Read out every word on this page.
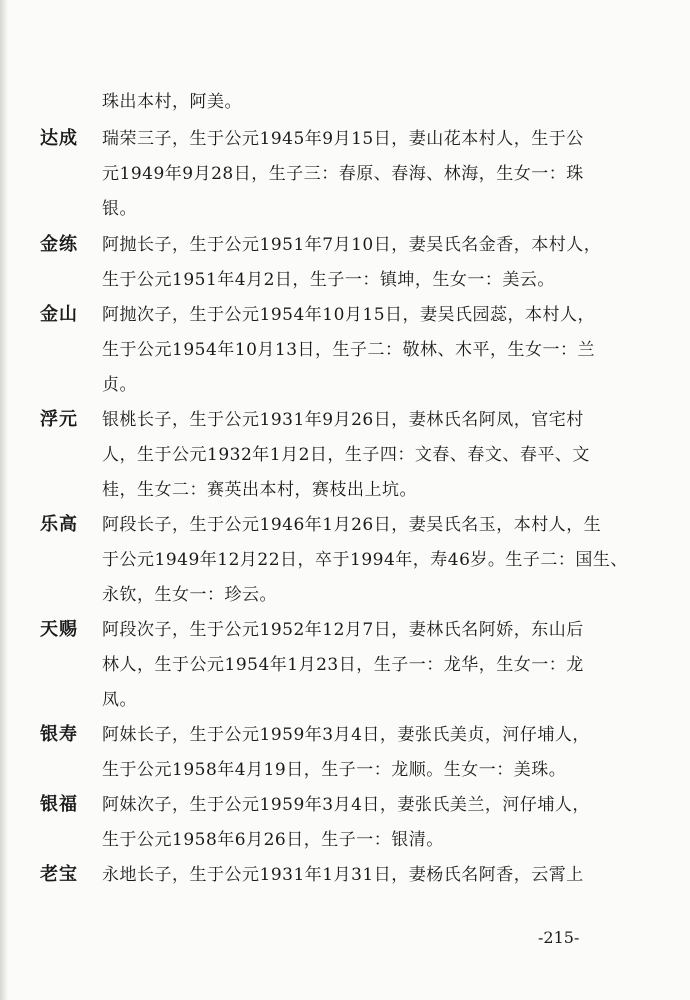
珠出本村，阿美。
达成 瑞荣三子，生于公元1945年9月15日，妻山花本村人，生于公
元1949年9月28日，生子三：春原、春海、林海，生女一：珠
银。
金练 阿抛长子，生于公元1951年7月10日，妻吴氏名金香，本村人，
生于公元1951年4月2日，生子一：镇坤，生女一：美云。
金山 阿抛次子，生于公元1954年10月15日，妻吴氏园蕊，本村人，
生于公元1954年10月13日，生子二：敬林、木平，生女一：兰
贞。
浮元 银桃长子，生于公元1931年9月26日，妻林氏名阿凤，官宅村
人，生于公元1932年1月2日，生子四：文春、春文、春平、文
桂，生女二：赛英出本村，赛枝出上坑。
乐高 阿段长子，生于公元1946年1月26日，妻吴氏名玉，本村人，生
于公元1949年12月22日，卒于1994年，寿46岁。生子二：国生、
永钦，生女一：珍云。
天赐 阿段次子，生于公元1952年12月7日，妻林氏名阿娇，东山后
林人，生于公元1954年1月23日，生子一：龙华，生女一：龙
凤。
银寿 阿妹长子，生于公元1959年3月4日，妻张氏美贞，河仔埔人，
生于公元1958年4月19日，生子一：龙顺。生女一：美珠。
银福 阿妹次子，生于公元1959年3月4日，妻张氏美兰，河仔埔人，
生于公元1958年6月26日，生子一：银清。
老宝 永地长子，生于公元1931年1月31日，妻杨氏名阿香，云霄上
-215-
